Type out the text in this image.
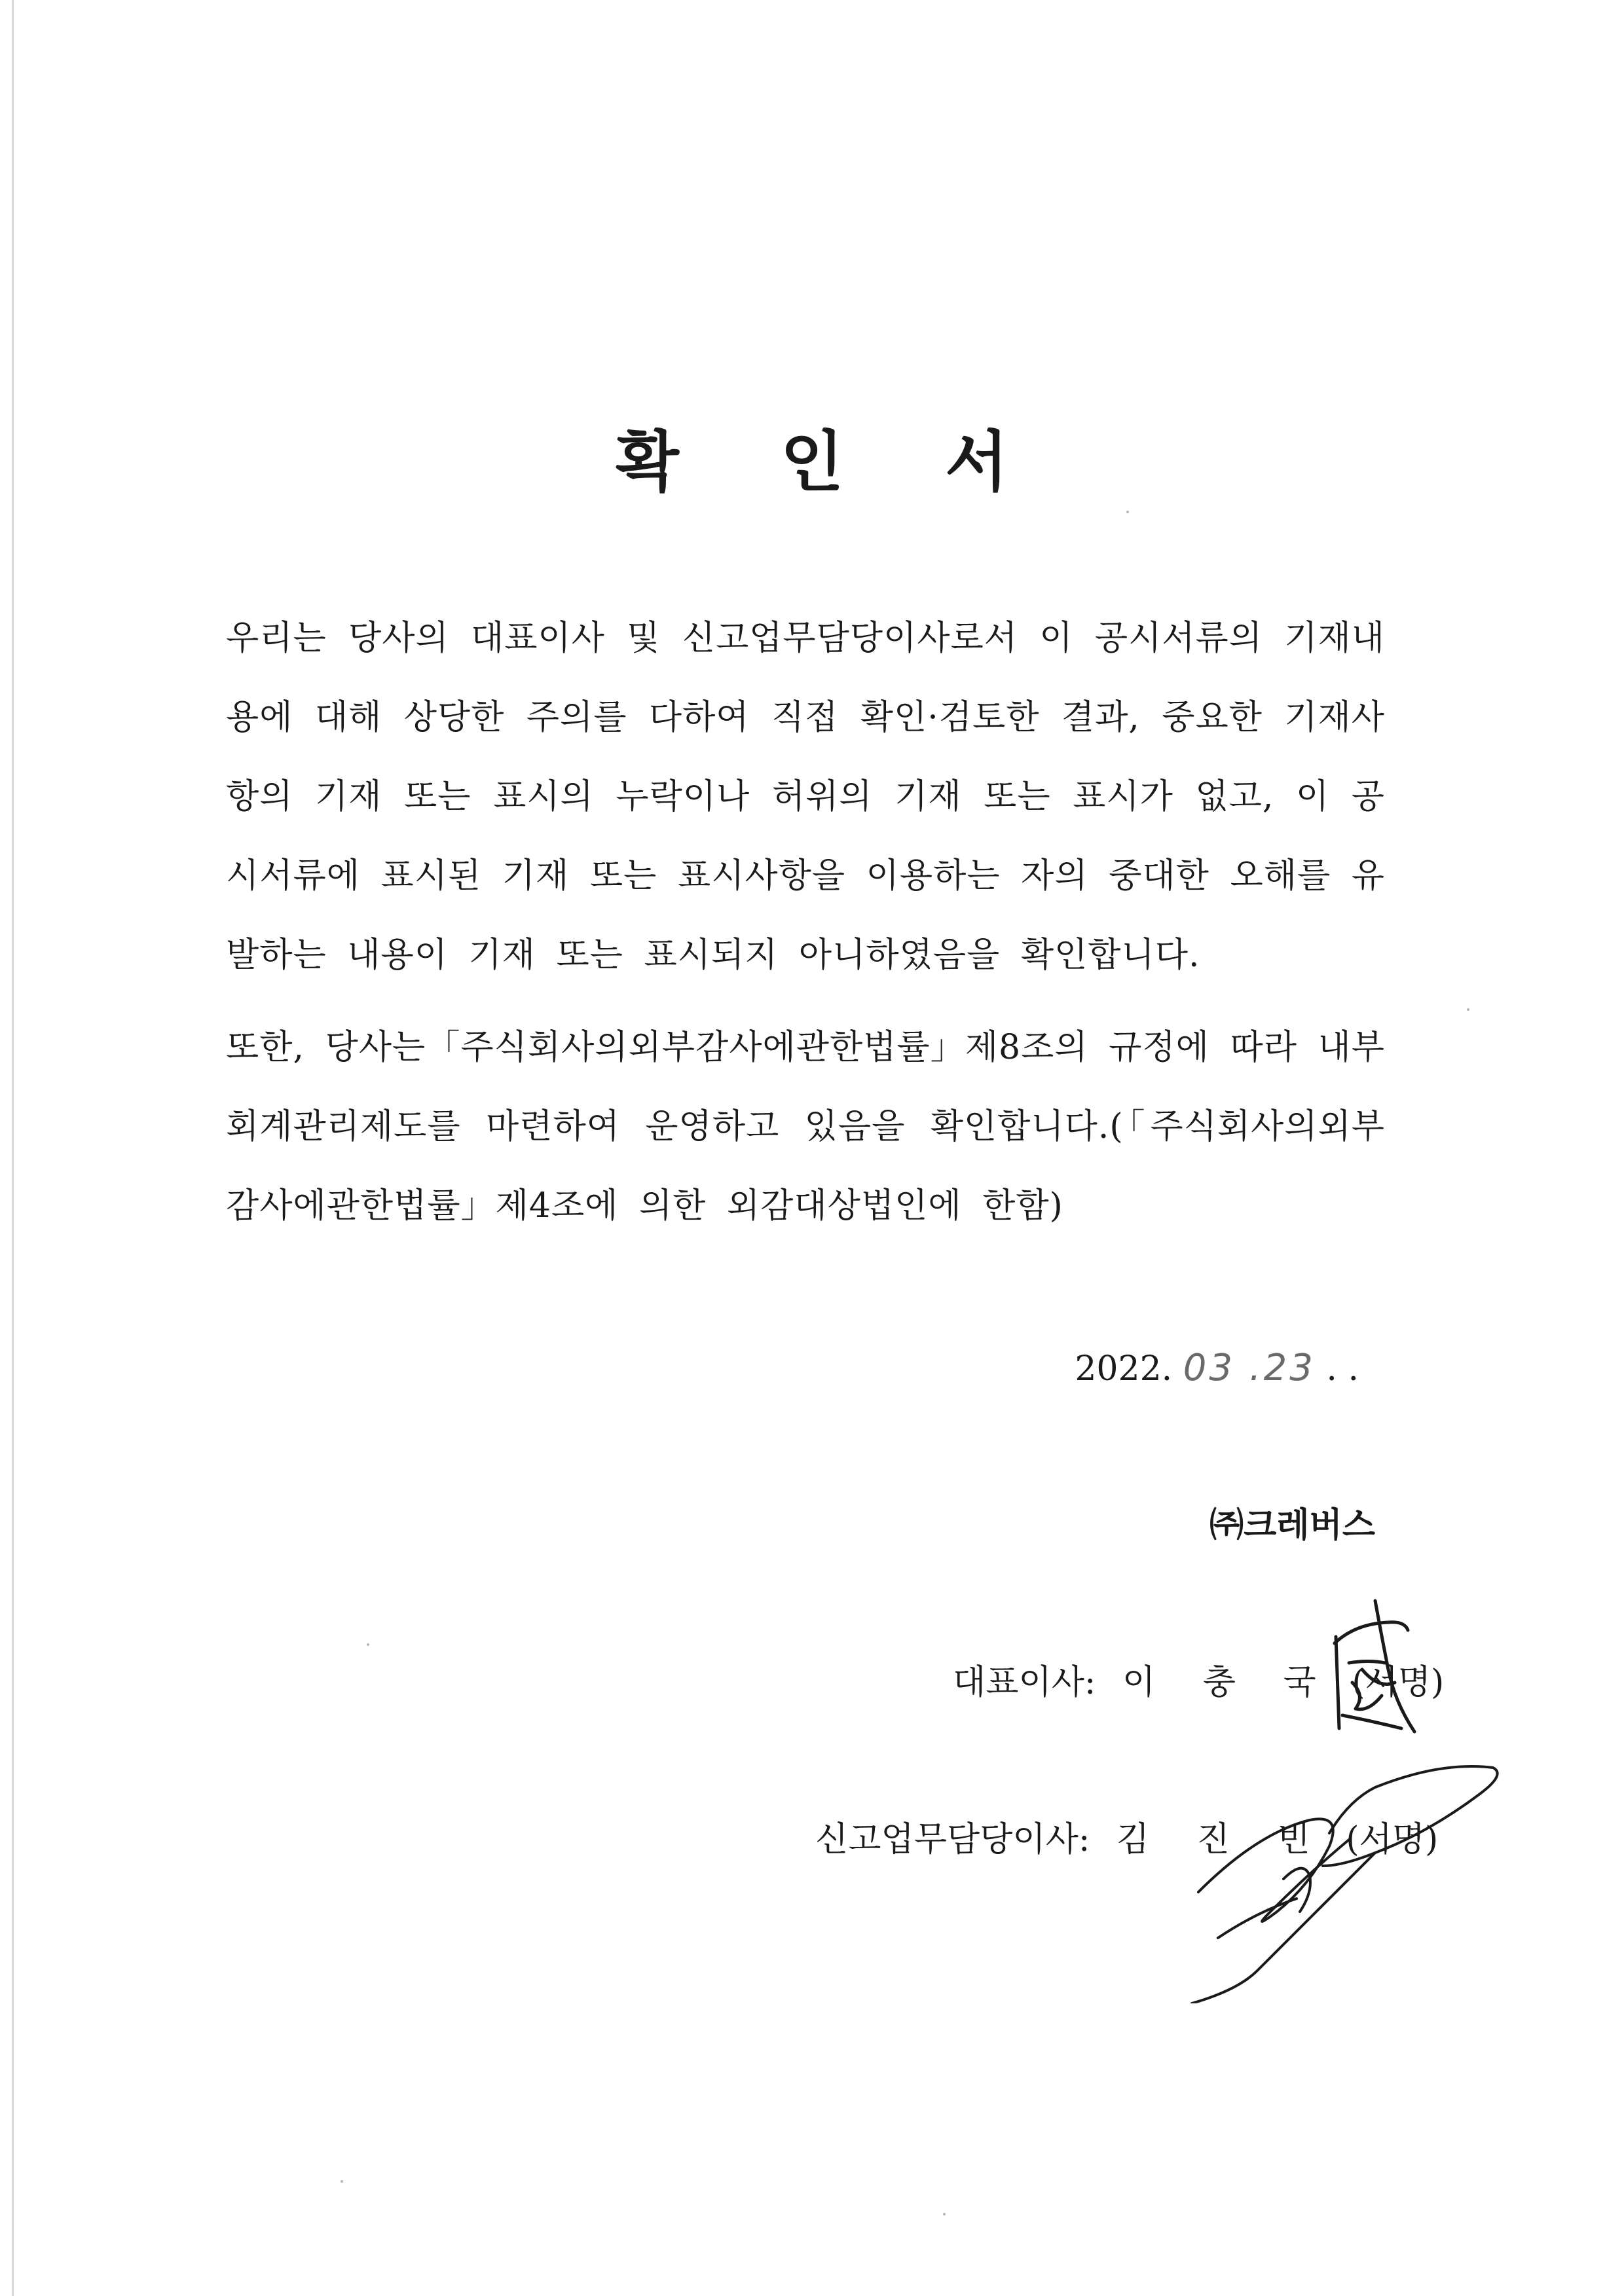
확 인 서
우리는 당사의 대표이사 및 신고업무담당이사로서 이 공시서류의 기재내용에 대해 상당한 주의를 다하여 직접 확인·검토한 결과, 중요한 기재사항의 기재 또는 표시의 누락이나 허위의 기재 또는 표시가 없고, 이 공시서류에 표시된 기재 또는 표시사항을 이용하는 자의 중대한 오해를 유발하는 내용이 기재 또는 표시되지 아니하였음을 확인합니다.
또한, 당사는「주식회사의외부감사에관한법률」제8조의 규정에 따라 내부회계관리제도를 마련하여 운영하고 있음을 확인합니다.(「주식회사의외부감사에관한법률」제4조에 의한 외감대상법인에 한함)
2022. 03 .23 . .
㈜크레버스
대표이사: 이 충 국 (서명)
신고업무담당이사: 김 진 빈 (서명)
